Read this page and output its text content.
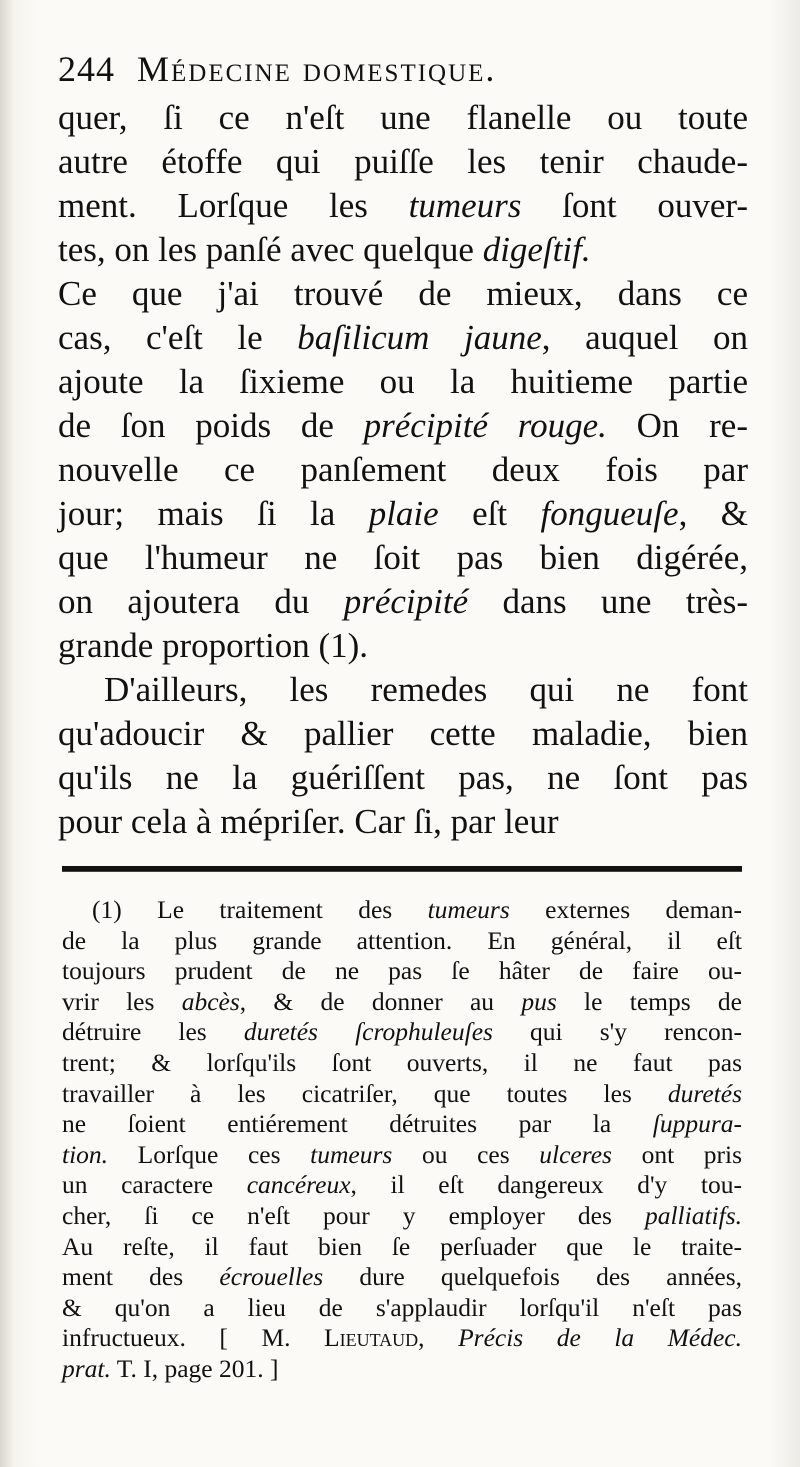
244 Médecine domestique.
quer, ſi ce n'eſt une flanelle ou toute
autre étoffe qui puiſſe les tenir chaude-
ment. Lorſque les tumeurs ſont ouver-
tes, on les panſé avec quelque digeſtif.
Ce que j'ai trouvé de mieux, dans ce
cas, c'eſt le baſilicum jaune, auquel on
ajoute la ſixieme ou la huitieme partie
de ſon poids de précipité rouge. On re-
nouvelle ce panſement deux fois par
jour; mais ſi la plaie eſt fongueuſe, &
que l'humeur ne ſoit pas bien digérée,
on ajoutera du précipité dans une très-
grande proportion (1).
D'ailleurs, les remedes qui ne font
qu'adoucir & pallier cette maladie, bien
qu'ils ne la guériſſent pas, ne ſont pas
pour cela à mépriſer. Car ſi, par leur
(1) Le traitement des tumeurs externes deman-
de la plus grande attention. En général, il eſt
toujours prudent de ne pas ſe hâter de faire ou-
vrir les abcès, & de donner au pus le temps de
détruire les duretés ſcrophuleuſes qui s'y rencon-
trent; & lorſqu'ils ſont ouverts, il ne faut pas
travailler à les cicatriſer, que toutes les duretés
ne ſoient entiérement détruites par la ſuppura-
tion. Lorſque ces tumeurs ou ces ulceres ont pris
un caractere cancéreux, il eſt dangereux d'y tou-
cher, ſi ce n'eſt pour y employer des palliatifs.
Au reſte, il faut bien ſe perſuader que le traite-
ment des écrouelles dure quelquefois des années,
& qu'on a lieu de s'applaudir lorſqu'il n'eſt pas
infructueux. [ M. Lieutaud, Précis de la Médec.
prat. T. I, page 201. ]
